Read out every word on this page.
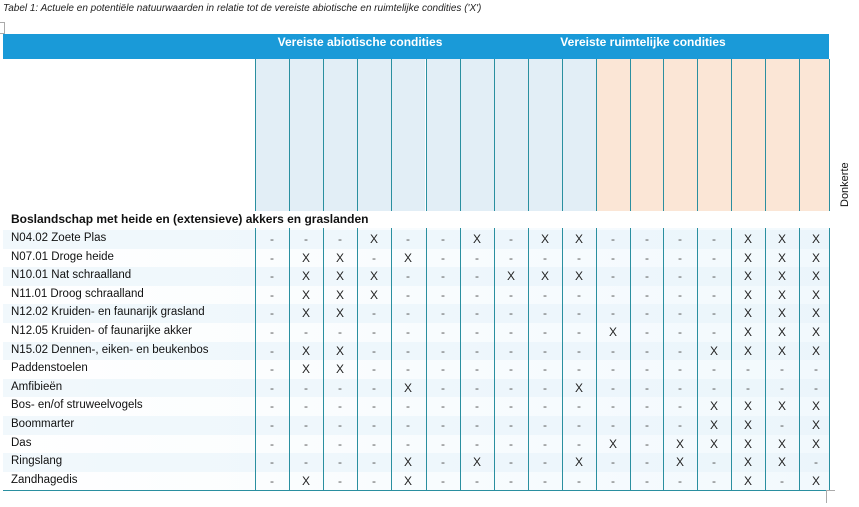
Tabel 1: Actuele en potentiële natuurwaarden in relatie tot de vereiste abiotische en ruimtelijke condities ('X')
Vereiste abiotische condities	Vereiste ruimtelijke condities
Donkerte
Boslandschap met heide en (extensieve) akkers en graslanden
N04.02 Zoete Plas	-	-	-	X	-	-	X	-	X	X	-	-	-	-	X	X	X
N07.01 Droge heide	-	X	X	-	X	-	-	-	-	-	-	-	-	-	X	X	X
N10.01 Nat schraalland	-	X	X	X	-	-	-	X	X	X	-	-	-	-	X	X	X
N11.01 Droog schraalland	-	X	X	X	-	-	-	-	-	-	-	-	-	-	X	X	X
N12.02 Kruiden- en faunarijk grasland	-	X	X	-	-	-	-	-	-	-	-	-	-	-	X	X	X
N12.05 Kruiden- of faunarijke akker	-	-	-	-	-	-	-	-	-	-	X	-	-	-	X	X	X
N15.02 Dennen-, eiken- en beukenbos	-	X	X	-	-	-	-	-	-	-	-	-	-	X	X	X	X
Paddenstoelen	-	X	X	-	-	-	-	-	-	-	-	-	-	-	-	-	-
Amfibieën	-	-	-	-	X	-	-	-	-	X	-	-	-	-	-	-	-
Bos- en/of struweelvogels	-	-	-	-	-	-	-	-	-	-	-	-	-	X	X	X	X
Boommarter	-	-	-	-	-	-	-	-	-	-	-	-	-	X	X	-	X
Das	-	-	-	-	-	-	-	-	-	-	X	-	X	X	X	X	X
Ringslang	-	-	-	-	X	-	X	-	-	X	-	-	X	-	X	X	-
Zandhagedis	-	X	-	-	X	-	-	-	-	-	-	-	-	-	X	-	X
